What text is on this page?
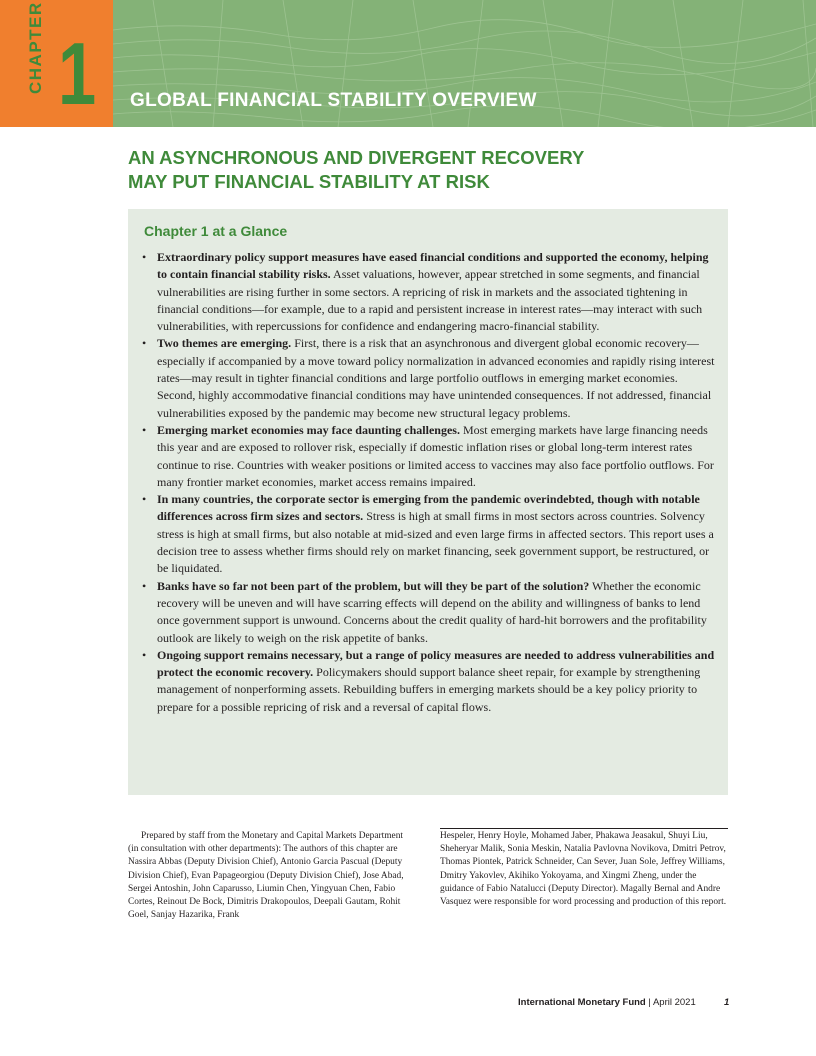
CHAPTER 1 GLOBAL FINANCIAL STABILITY OVERVIEW
AN ASYNCHRONOUS AND DIVERGENT RECOVERY
MAY PUT FINANCIAL STABILITY AT RISK
Chapter 1 at a Glance
• Extraordinary policy support measures have eased financial conditions and supported the economy, helping to contain financial stability risks. Asset valuations, however, appear stretched in some segments, and financial vulnerabilities are rising further in some sectors. A repricing of risk in markets and the associated tightening in financial conditions—for example, due to a rapid and persistent increase in interest rates—may interact with such vulnerabilities, with repercussions for confidence and endangering macro-financial stability.
• Two themes are emerging. First, there is a risk that an asynchronous and divergent global economic recovery—especially if accompanied by a move toward policy normalization in advanced economies and rapidly rising interest rates—may result in tighter financial conditions and large portfolio outflows in emerging market economies. Second, highly accommodative financial conditions may have unintended consequences. If not addressed, financial vulnerabilities exposed by the pandemic may become new structural legacy problems.
• Emerging market economies may face daunting challenges. Most emerging markets have large financing needs this year and are exposed to rollover risk, especially if domestic inflation rises or global long-term interest rates continue to rise. Countries with weaker positions or limited access to vaccines may also face portfolio outflows. For many frontier market economies, market access remains impaired.
• In many countries, the corporate sector is emerging from the pandemic overindebted, though with notable differences across firm sizes and sectors. Stress is high at small firms in most sectors across countries. Solvency stress is high at small firms, but also notable at mid-sized and even large firms in affected sectors. This report uses a decision tree to assess whether firms should rely on market financing, seek government support, be restructured, or be liquidated.
• Banks have so far not been part of the problem, but will they be part of the solution? Whether the economic recovery will be uneven and will have scarring effects will depend on the ability and willingness of banks to lend once government support is unwound. Concerns about the credit quality of hard-hit borrowers and the profitability outlook are likely to weigh on the risk appetite of banks.
• Ongoing support remains necessary, but a range of policy measures are needed to address vulnerabilities and protect the economic recovery. Policymakers should support balance sheet repair, for example by strengthening management of nonperforming assets. Rebuilding buffers in emerging markets should be a key policy priority to prepare for a possible repricing of risk and a reversal of capital flows.
Prepared by staff from the Monetary and Capital Markets Department (in consultation with other departments): The authors of this chapter are Nassira Abbas (Deputy Division Chief), Antonio Garcia Pascual (Deputy Division Chief), Evan Papageorgiou (Deputy Division Chief), Jose Abad, Sergei Antoshin, John Caparusso, Liumin Chen, Yingyuan Chen, Fabio Cortes, Reinout De Bock, Dimitris Drakopoulos, Deepali Gautam, Rohit Goel, Sanjay Hazarika, Frank
Hespeler, Henry Hoyle, Mohamed Jaber, Phakawa Jeasakul, Shuyi Liu, Sheheryar Malik, Sonia Meskin, Natalia Pavlovna Novikova, Dmitri Petrov, Thomas Piontek, Patrick Schneider, Can Sever, Juan Sole, Jeffrey Williams, Dmitry Yakovlev, Akihiko Yokoyama, and Xingmi Zheng, under the guidance of Fabio Natalucci (Deputy Director). Magally Bernal and Andre Vasquez were responsible for word processing and production of this report.
International Monetary Fund | April 2021	1
